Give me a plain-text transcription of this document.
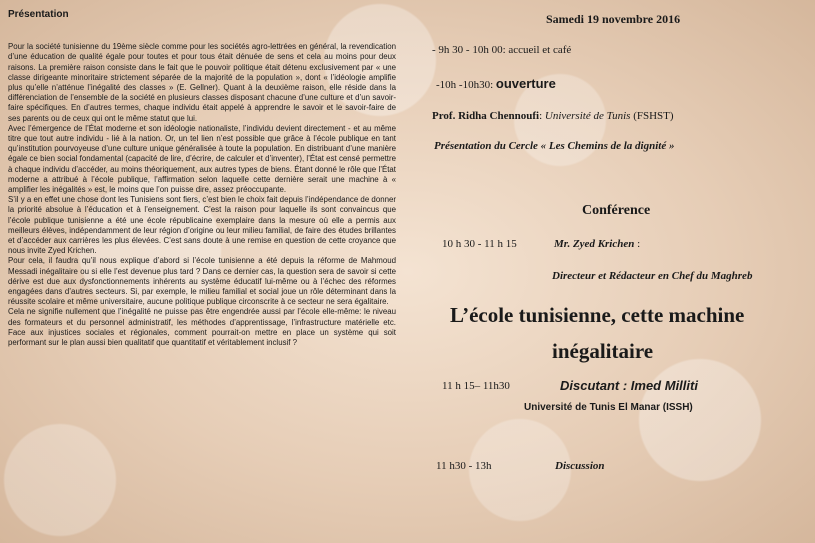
Présentation

Pour la société tunisienne du 19ème siècle comme pour les sociétés agro-lettrées en général, la revendication d’une éducation de qualité égale pour toutes et pour tous était dénuée de sens et cela au moins pour deux raisons. La première raison consiste dans le fait que le pouvoir politique était détenu exclusivement par « une classe dirigeante minoritaire strictement séparée de la majorité de la population », dont « l’idéologie amplifie plus qu’elle n’atténue l’inégalité des classes » (E. Gellner). Quant à la deuxième raison, elle réside dans la différenciation de l’ensemble de la société en plusieurs classes disposant chacune d’une culture et d’un savoir-faire spécifiques. En d’autres termes, chaque individu était appelé à apprendre le savoir et le savoir-faire de ses parents ou de ceux qui ont le même statut que lui.

Avec l’émergence de l’État moderne et son idéologie nationaliste, l’individu devient directement - et au même titre que tout autre individu - lié à la nation. Or, un tel lien n’est possible que grâce à l’école publique en tant qu’institution pourvoyeuse d’une culture unique généralisée à toute la population. En distribuant d’une manière égale ce bien social fondamental (capacité de lire, d’écrire, de calculer et d’inventer), l’État est censé permettre à chaque individu d’accéder, au moins théoriquement, aux autres types de biens. Étant donné le rôle que l’État moderne a attribué à l’école publique, l’affirmation selon laquelle cette dernière serait une machine à « amplifier les inégalités » est, le moins que l’on puisse dire, assez préoccupante.

S’il y a en effet une chose dont les Tunisiens sont fiers, c’est bien le choix fait depuis l’indépendance de donner la priorité absolue à l’éducation et à l’enseignement. C’est la raison pour laquelle ils sont convaincus que l’école publique tunisienne a été une école républicaine exemplaire dans la mesure où elle a permis aux meilleurs élèves, indépendamment de leur région d’origine ou leur milieu familial, de faire des études brillantes et d’accéder aux carrières les plus élevées. C’est sans doute à une remise en question de cette croyance que nous invite Zyed Krichen.

Pour cela, il faudra qu’il nous explique d’abord si l’école tunisienne a été depuis la réforme de Mahmoud Messadi inégalitaire ou si elle l’est devenue plus tard ? Dans ce dernier cas, la question sera de savoir si cette dérive est due aux dysfonctionnements inhérents au système éducatif lui-même ou à l’échec des réformes engagées dans d’autres secteurs. Si, par exemple, le milieu familial et social joue un rôle déterminant dans la réussite scolaire et même universitaire, aucune politique publique circonscrite à ce secteur ne sera égalitaire.

Cela ne signifie nullement que l’inégalité ne puisse pas être engendrée aussi par l’école elle-même: le niveau des formateurs et du personnel administratif, les méthodes d’apprentissage, l’infrastructure matérielle etc. Face aux injustices sociales et régionales, comment pourrait-on mettre en place un système qui soit performant sur le plan aussi bien qualitatif que quantitatif et véritablement inclusif ?

Samedi 19 novembre 2016
- 9h 30 - 10h 00: accueil et café
-10h -10h30: ouverture
Prof. Ridha Chennoufi: Université de Tunis (FSHST)
Présentation du Cercle « Les Chemins de la dignité »
Conférence
10 h 30 - 11 h 15	Mr. Zyed Krichen :
Directeur et Rédacteur en Chef du Maghreb
L’école tunisienne, cette machine
inégalitaire
11 h 15– 11h30	Discutant : Imed Milliti
Université de Tunis El Manar (ISSH)
11 h30 - 13h	Discussion
